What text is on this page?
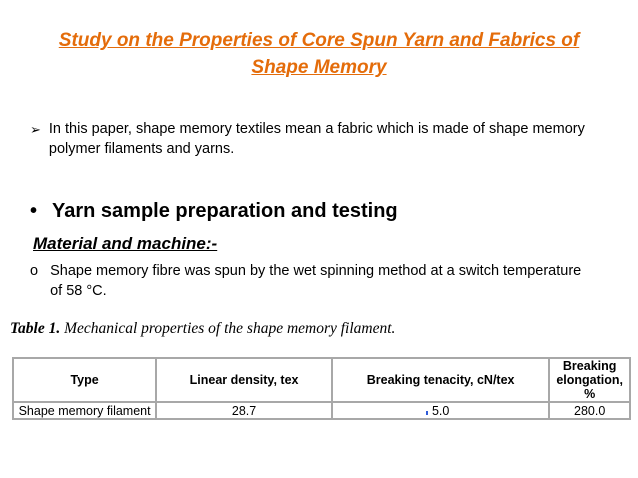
Study on the Properties of Core Spun Yarn and Fabrics of Shape Memory
➢ In this paper, shape memory textiles mean a fabric which is made of shape memory polymer filaments and yarns.
• Yarn sample preparation and testing
Material and machine:-
o Shape memory fibre was spun by the wet spinning method at a switch temperature of 58 °C.
Table 1. Mechanical properties of the shape memory filament.
Type	Linear density, tex	Breaking tenacity, cN/tex	Breaking elongation, %
Shape memory filament	28.7	5.0	280.0
